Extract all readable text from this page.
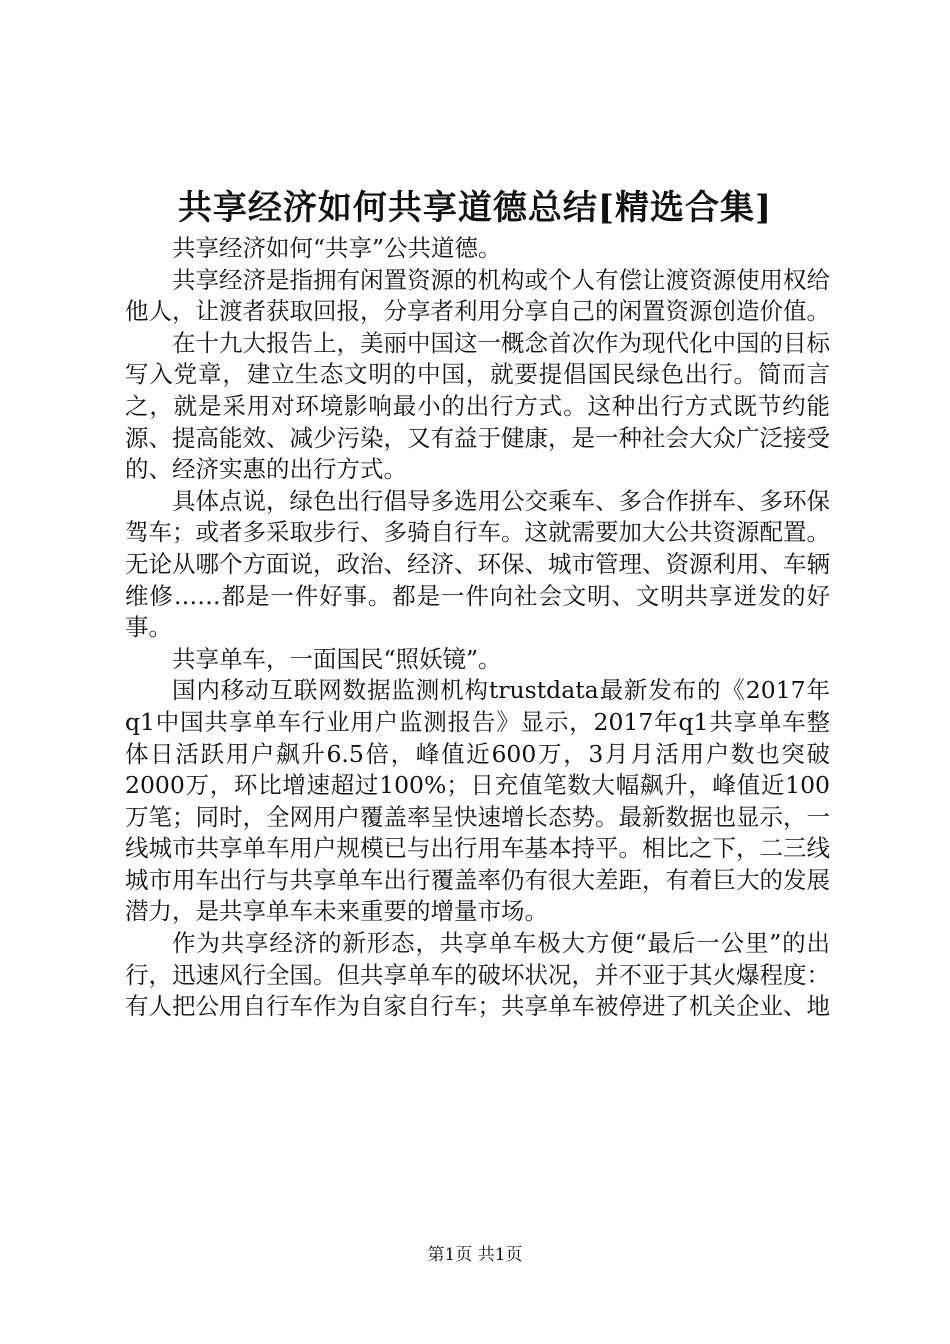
共享经济如何共享道德总结[精选合集]

共享经济如何“共享”公共道德。

共享经济是指拥有闲置资源的机构或个人有偿让渡资源使用权给他人，让渡者获取回报，分享者利用分享自己的闲置资源创造价值。

在十九大报告上，美丽中国这一概念首次作为现代化中国的目标写入党章，建立生态文明的中国，就要提倡国民绿色出行。简而言之，就是采用对环境影响最小的出行方式。这种出行方式既节约能源、提高能效、减少污染，又有益于健康，是一种社会大众广泛接受的、经济实惠的出行方式。

具体点说，绿色出行倡导多选用公交乘车、多合作拼车、多环保驾车；或者多采取步行、多骑自行车。这就需要加大公共资源配置。无论从哪个方面说，政治、经济、环保、城市管理、资源利用、车辆维修……都是一件好事。都是一件向社会文明、文明共享迸发的好事。

共享单车，一面国民“照妖镜”。

国内移动互联网数据监测机构trustdata最新发布的《2017年q1中国共享单车行业用户监测报告》显示，2017年q1共享单车整体日活跃用户飙升6.5倍，峰值近600万，3月月活用户数也突破2000万，环比增速超过100%；日充值笔数大幅飙升，峰值近100万笔；同时，全网用户覆盖率呈快速增长态势。最新数据也显示，一线城市共享单车用户规模已与出行用车基本持平。相比之下，二三线城市用车出行与共享单车出行覆盖率仍有很大差距，有着巨大的发展潜力，是共享单车未来重要的增量市场。

作为共享经济的新形态，共享单车极大方便“最后一公里”的出行，迅速风行全国。但共享单车的破坏状况，并不亚于其火爆程度：有人把公用自行车作为自家自行车；共享单车被停进了机关企业、地

第1页 共1页
